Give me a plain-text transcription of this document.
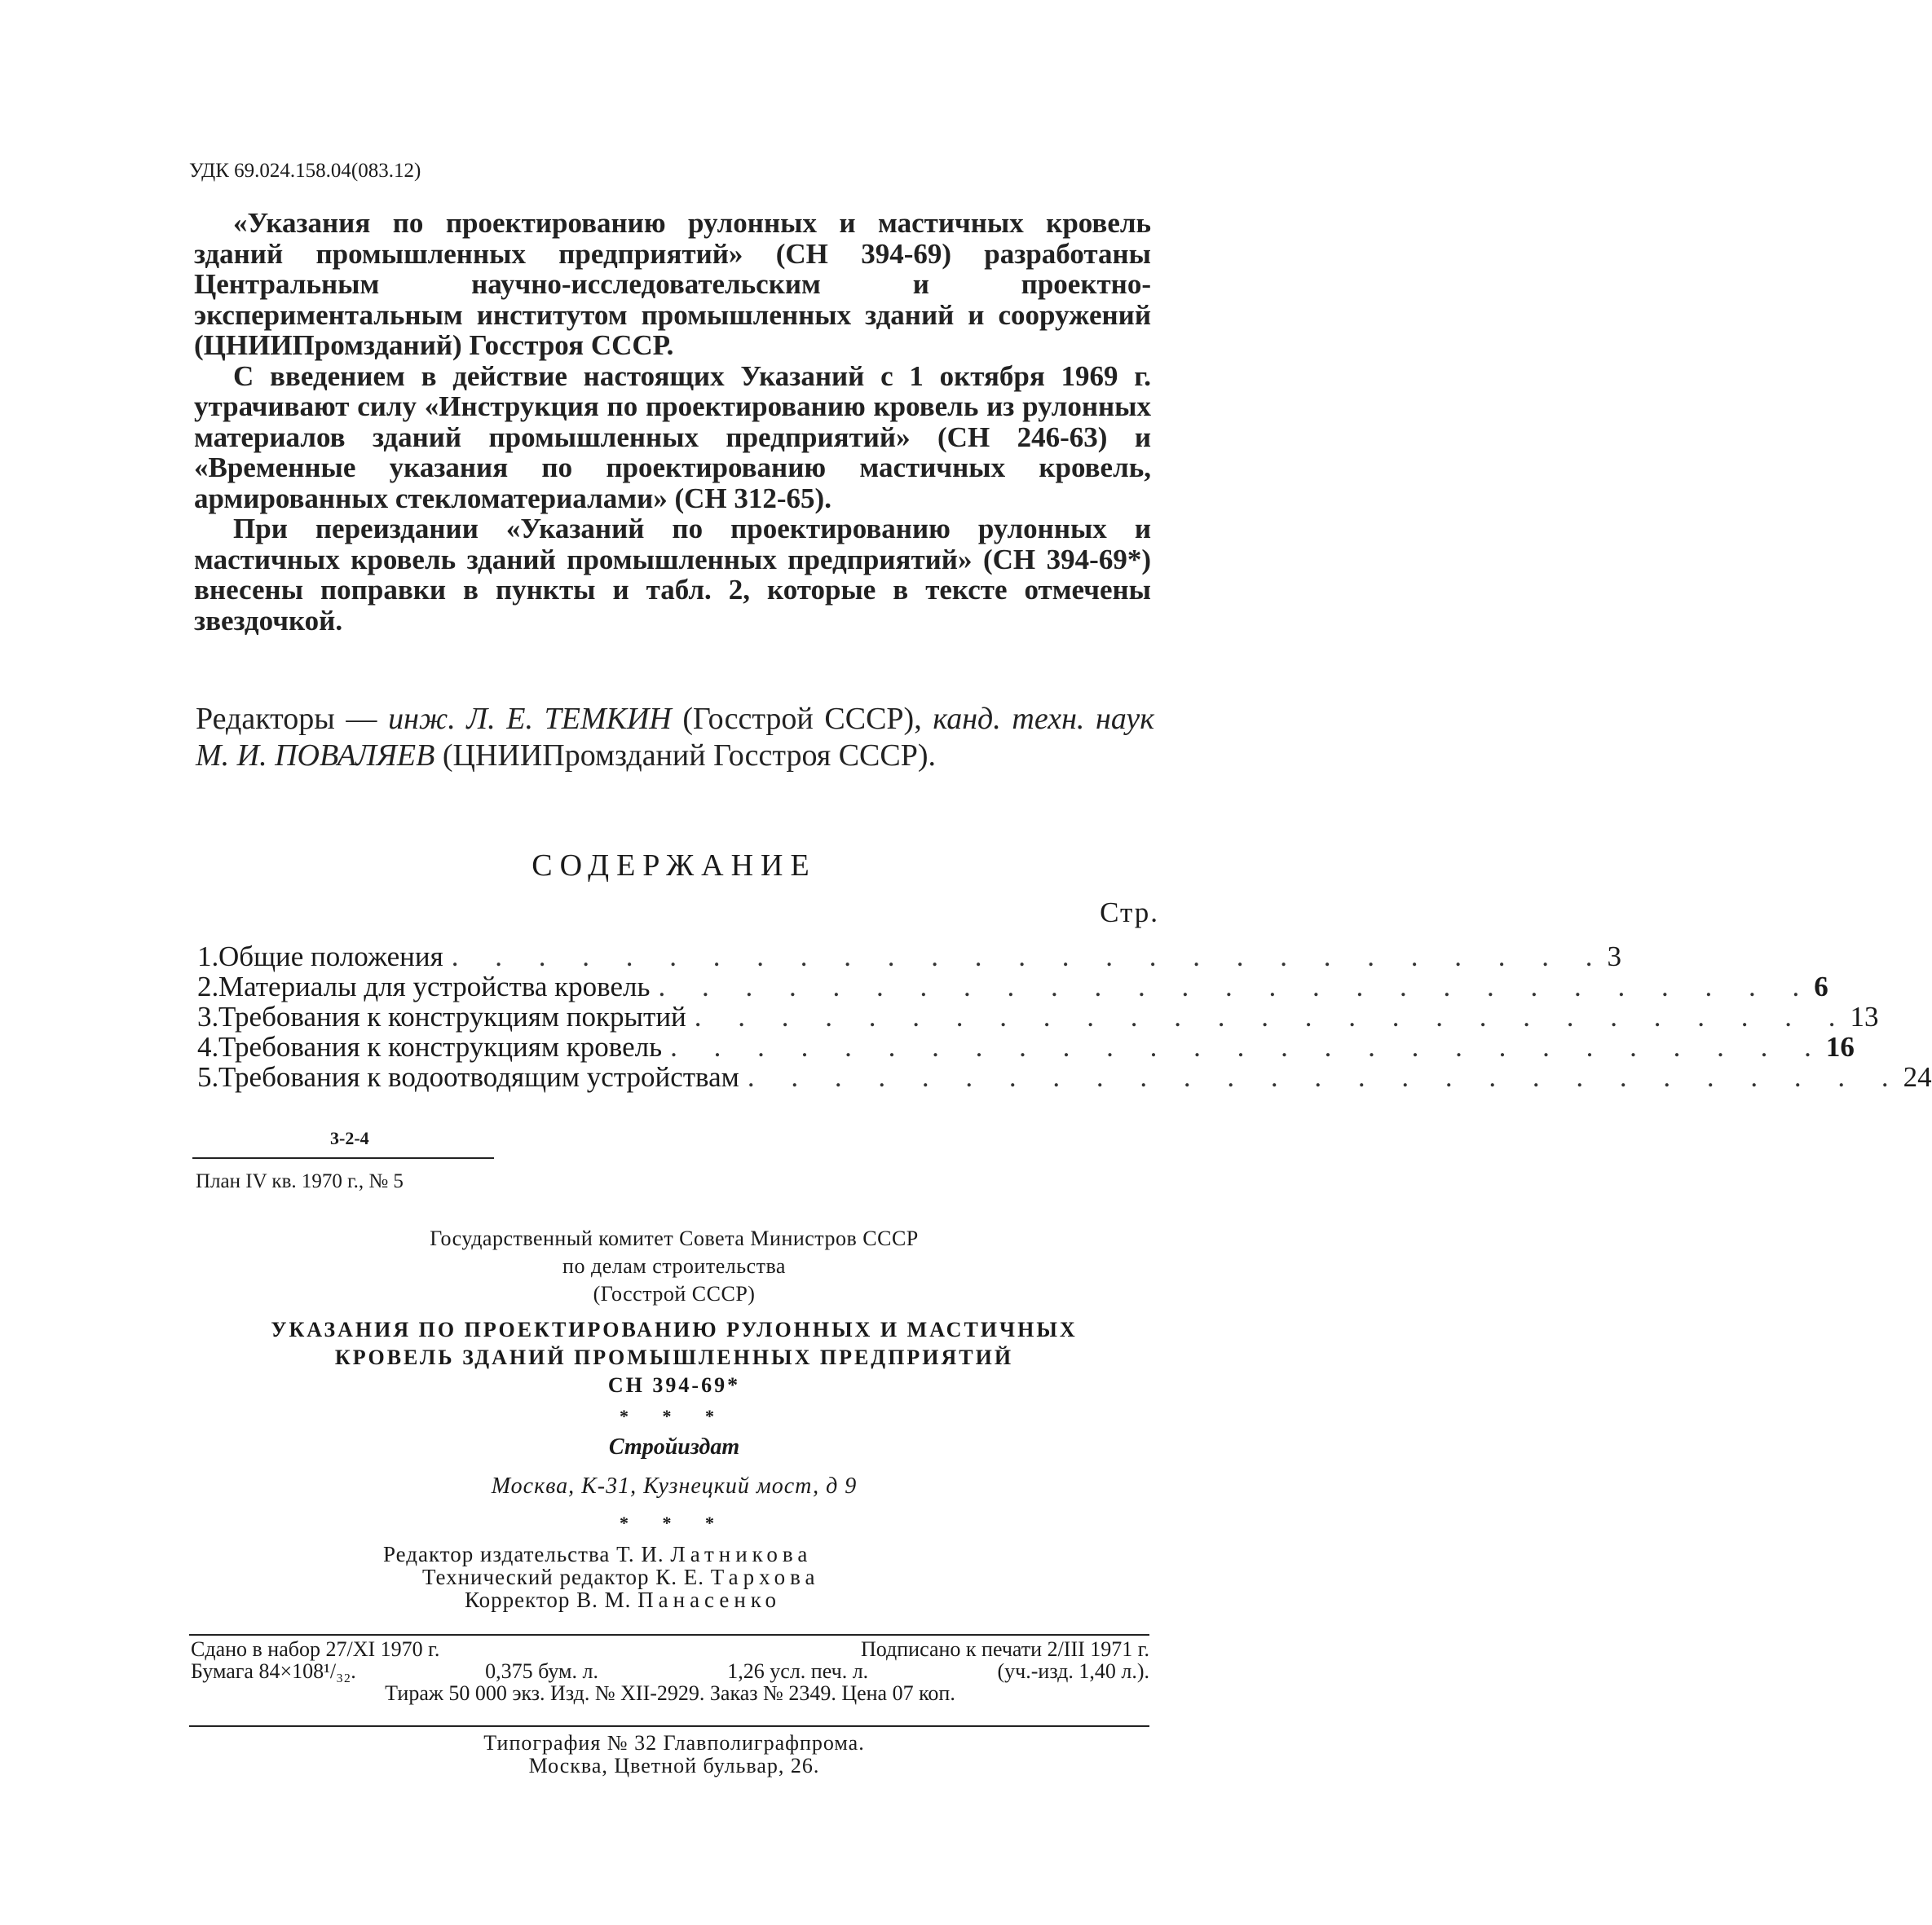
УДК 69.024.158.04(083.12)

«Указания по проектированию рулонных и мастичных кровель зданий промышленных предприятий» (СН 394-69) разработаны Центральным научно-исследовательским и проектно-экспериментальным институтом промышленных зданий и сооружений (ЦНИИПромзданий) Госстроя СССР.

С введением в действие настоящих Указаний с 1 октября 1969 г. утрачивают силу «Инструкция по проектированию кровель из рулонных материалов зданий промышленных предприятий» (СН 246-63) и «Временные указания по проектированию мастичных кровель, армированных стекломатериалами» (СН 312-65).

При переиздании «Указаний по проектированию рулонных и мастичных кровель зданий промышленных предприятий» (СН 394-69*) внесены поправки в пункты и табл. 2, которые в тексте отмечены звездочкой.

Редакторы — инж. Л. Е. ТЕМКИН (Госстрой СССР), канд. техн. наук М. И. ПОВАЛЯЕВ (ЦНИИПромзданий Госстроя СССР).
СОДЕРЖАНИЕ
Стр.
1. Общие положения . . . . . . . . . . . . . . . . . . . . . . . . . . . 3
2. Материалы для устройства кровель . . . . . . . . . . . . . . . . . . . . . . . . . . . 6
3. Требования к конструкциям покрытий . . . . . . . . . . . . . . . . . . . . . . . . . . . 13
4. Требования к конструкциям кровель . . . . . . . . . . . . . . . . . . . . . . . . . . . 16
5. Требования к водоотводящим устройствам . . . . . . . . . . . . . . . . . . . . . . . . . . . 24
3-2-4
План IV кв. 1970 г., № 5
Государственный комитет Совета Министров СССР
по делам строительства
(Госстрой СССР)
УКАЗАНИЯ ПО ПРОЕКТИРОВАНИЮ РУЛОННЫХ И МАСТИЧНЫХ
КРОВЕЛЬ ЗДАНИЙ ПРОМЫШЛЕННЫХ ПРЕДПРИЯТИЙ
СН 394-69*
* * *
Стройиздат
Москва, К-31, Кузнецкий мост, д 9
* * *
Редактор издательства Т. И. Латникова
Технический редактор К. Е. Тархова
Корректор В. М. Панасенко
Сдано в набор 27/XI 1970 г.	Подписано к печати 2/III 1971 г.
Бумага 84×108¹/₃₂.	0,375 бум. л.	1,26 усл. печ. л.	(уч.-изд. 1,40 л.).
Тираж 50 000 экз. Изд. № XII-2929. Заказ № 2349. Цена 07 коп.
Типография № 32 Главполиграфпрома.
Москва, Цветной бульвар, 26.
